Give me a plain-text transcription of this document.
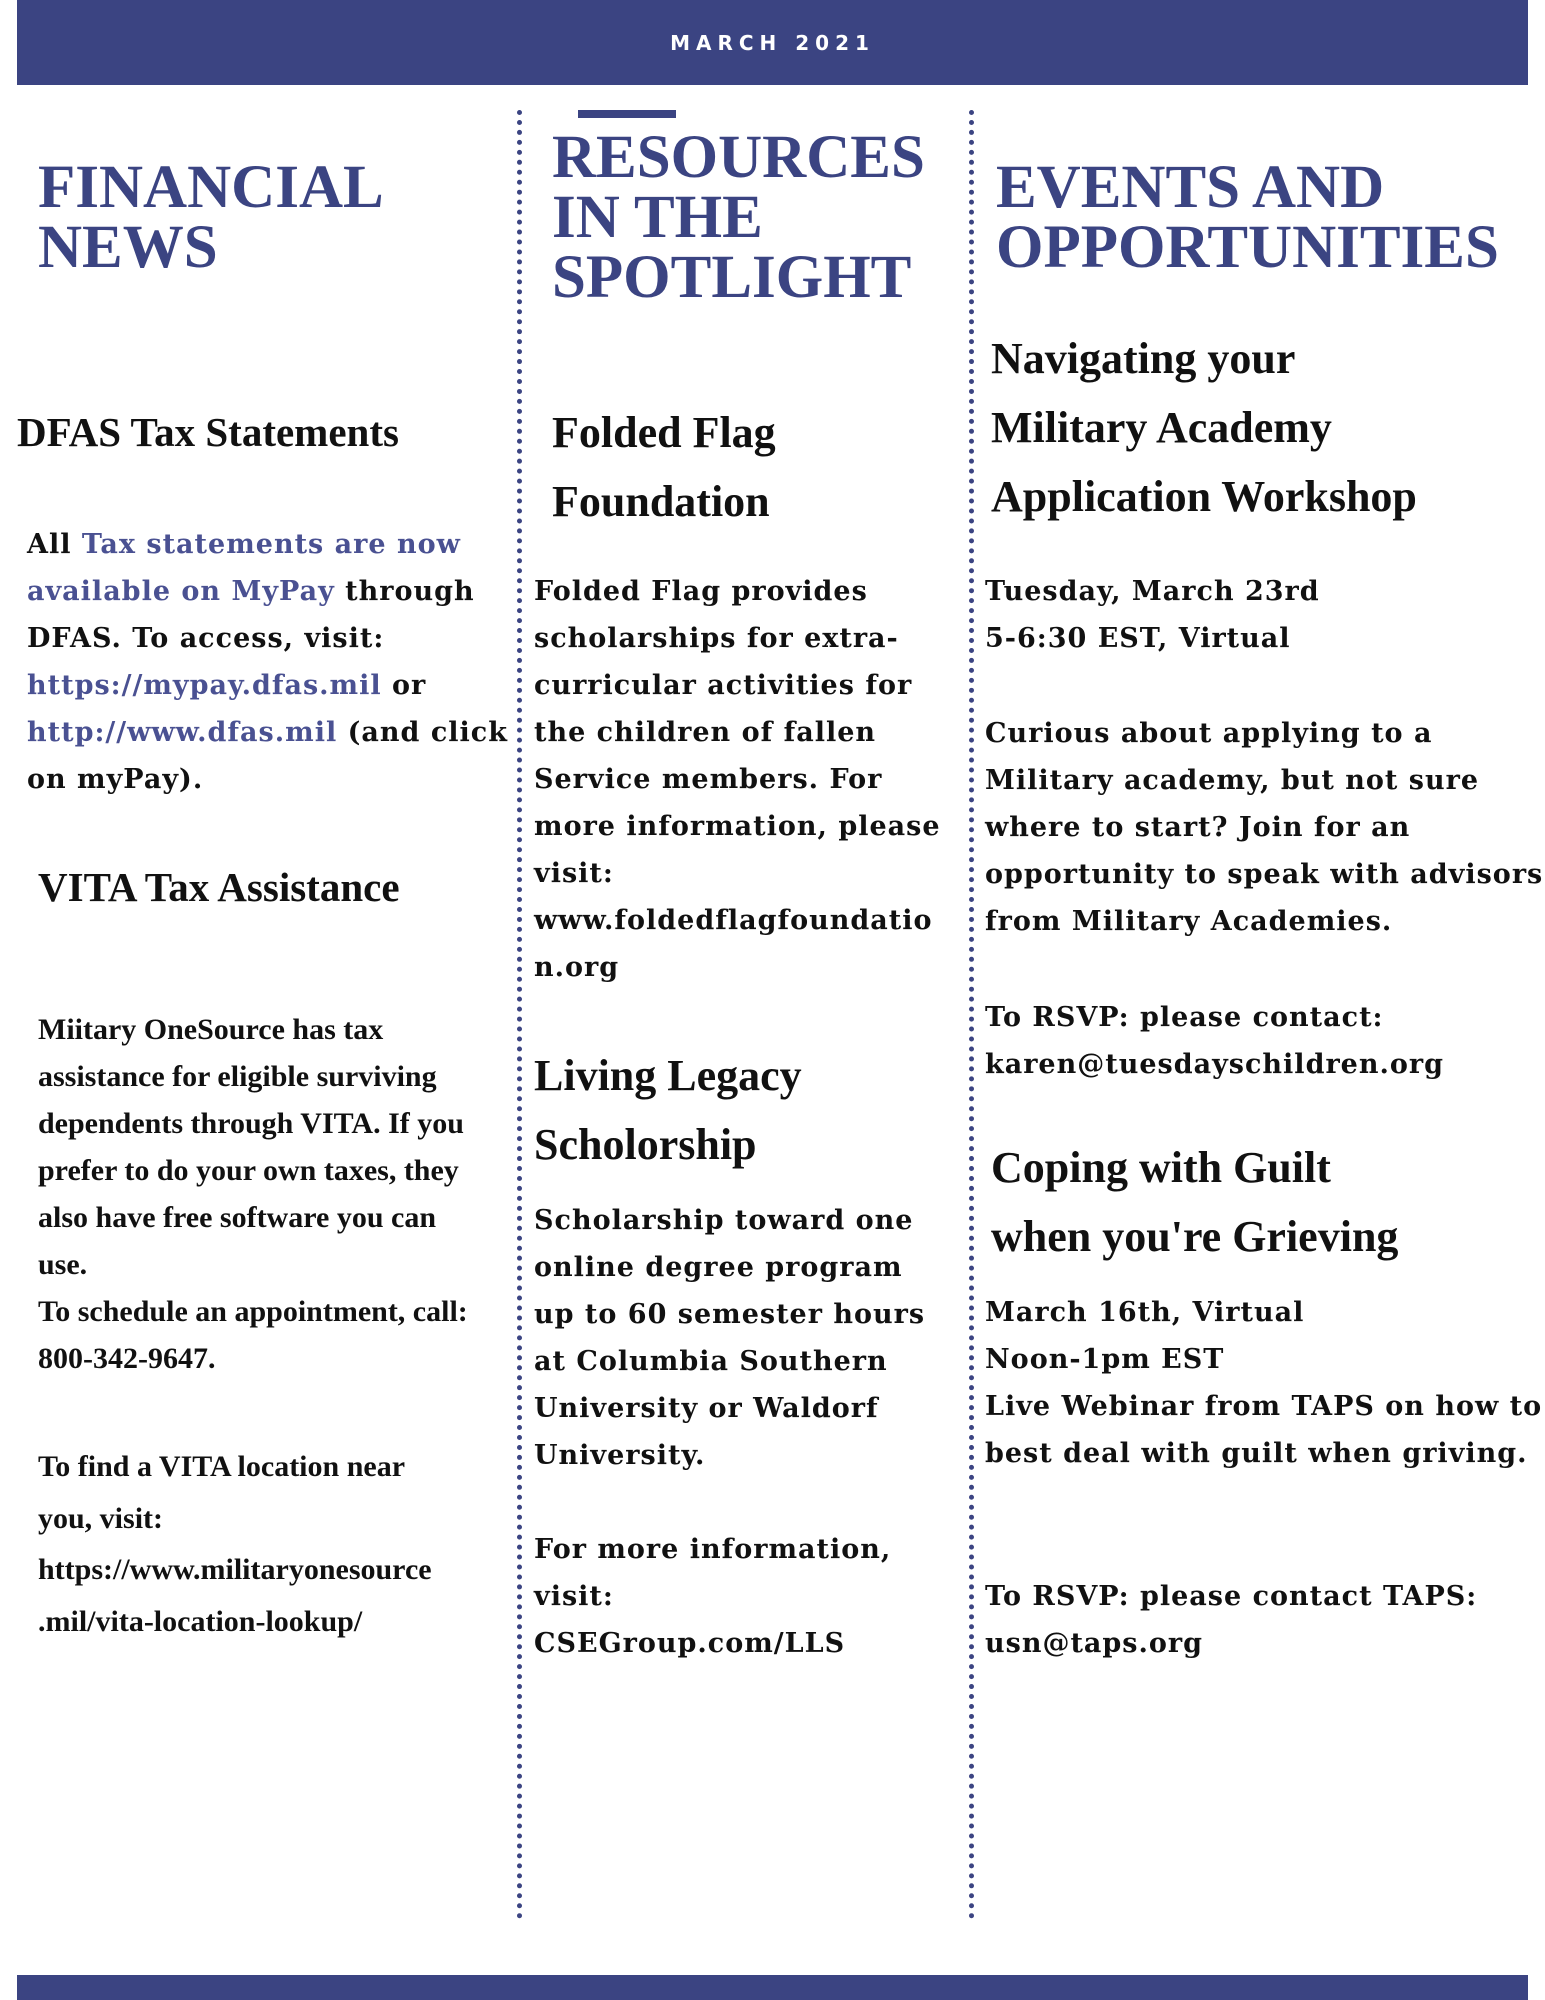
MARCH 2021
FINANCIAL
NEWS
DFAS Tax Statements

All Tax statements are now
available on MyPay through
DFAS. To access, visit:
https://mypay.dfas.mil or
http://www.dfas.mil (and click
on myPay).

VITA Tax Assistance

Miitary OneSource has tax
assistance for eligible surviving
dependents through VITA. If you
prefer to do your own taxes, they
also have free software you can
use.
To schedule an appointment, call:
800-342-9647.

To find a VITA location near
you, visit:
https://www.militaryonesource
.mil/vita-location-lookup/

RESOURCES
IN THE
SPOTLIGHT
Folded Flag
Foundation

Folded Flag provides
scholarships for extra-
curricular activities for
the children of fallen
Service members. For
more information, please
visit:
www.foldedflagfoundatio
n.org

Living Legacy
Scholorship

Scholarship toward one
online degree program
up to 60 semester hours
at Columbia Southern
University or Waldorf
University.

For more information,
visit:
CSEGroup.com/LLS

EVENTS AND
OPPORTUNITIES
Navigating your
Military Academy
Application Workshop

Tuesday, March 23rd
5-6:30 EST, Virtual

Curious about applying to a
Military academy, but not sure
where to start? Join for an
opportunity to speak with advisors
from Military Academies.

To RSVP: please contact:
karen@tuesdayschildren.org

Coping with Guilt
when you're Grieving

March 16th, Virtual
Noon-1pm EST
Live Webinar from TAPS on how to
best deal with guilt when griving.

To RSVP: please contact TAPS:
usn@taps.org
